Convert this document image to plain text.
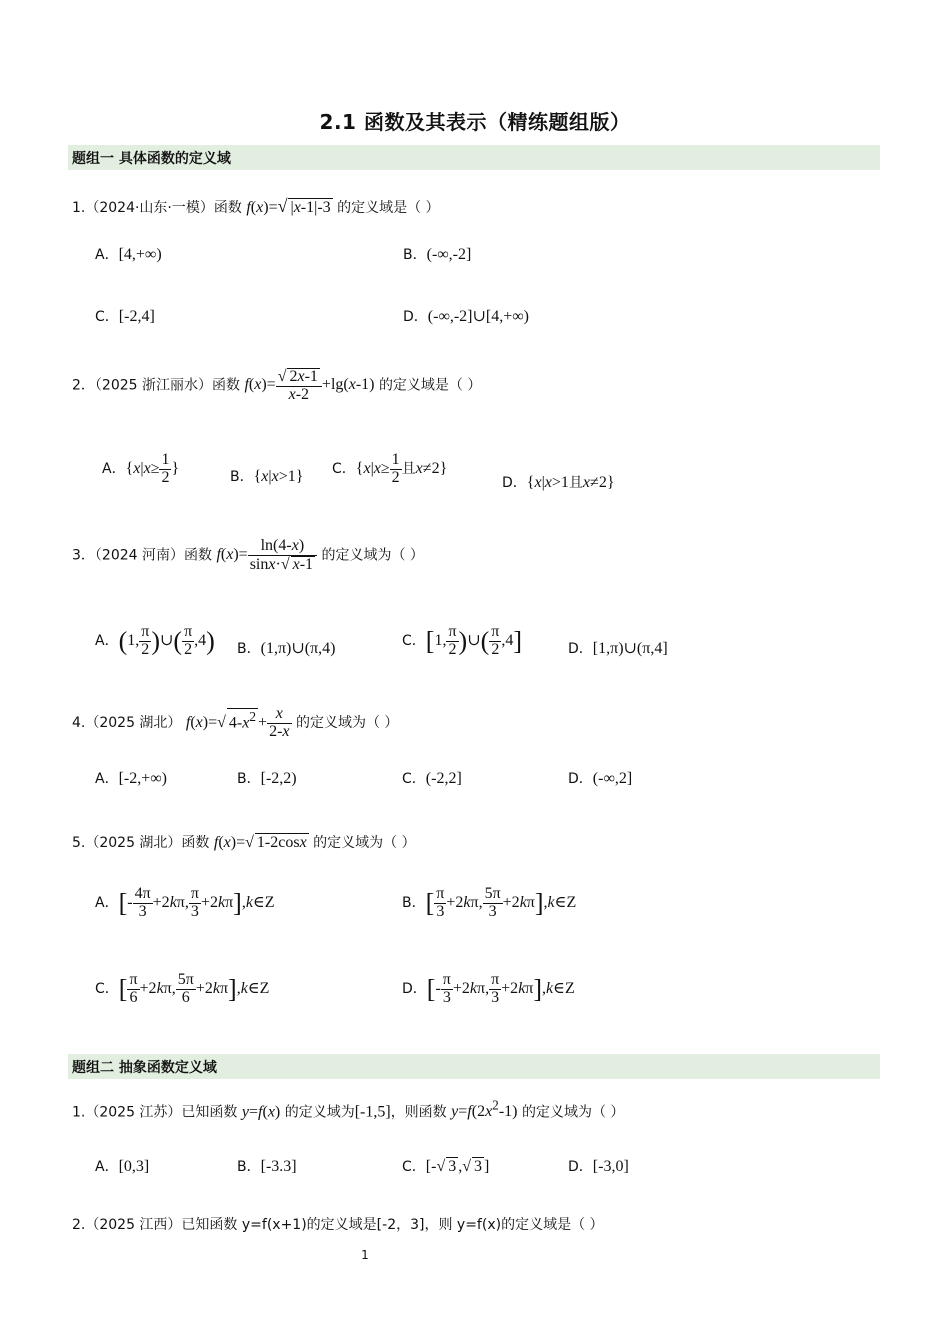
2.1 函数及其表示（精练题组版）
题组一 具体函数的定义域
1.（2024·山东·一模）函数 f(x)=√ |x-1|-3 的定义域是（ ）
A．[4,+∞)	B．(-∞,-2]
C．[-2,4]	D．(-∞,-2]∪[4,+∞)
2．（2025 浙江丽水）函数 $f(x)= \frac{√ 2x-1}{x-2} +\lg(x-1)$ 的定义域是（ ）
A．{$x|x\ge \frac{1}{2}$ }
B．{x|x>1} C．{$x|x\ge \frac{1}{2}$ 且x≠2}
D．{x|x>1且x≠2}
3．（2024 河南）函数 $f(x)= \frac{\ln(4-x)}{\sin x\cdot√ x-1}$ 的定义域为（ ）
A．(1, $\frac{\pi}{2}$ )∪( $\frac{\pi}{2} ,4$) B．(1,π)∪(π,4)	C．[1, $\frac{\pi}{2}$ )∪( $\frac{\pi}{2} ,4$]	D．[1,π)∪(π,4]
4.（2025 湖北） f(x)=√ $4-x^2 + \frac{x}{2-x}$ 的定义域为（ ）
A．[-2,+∞)	B．[-2,2)	C．(-2,2]	D．(-∞,2]
5.（2025 湖北）函数 f(x)=√ 1-2cosx 的定义域为（ ）
A．[- $\frac{4\pi}{3} +2k\pi$, $\frac{\pi}{3}$ +2kπ],k∈Z	B．[ $\frac{\pi}{3} +2k\pi$, $\frac{5\pi}{3}$ +2kπ],k∈Z
C．[ $\frac{\pi}{6} +2k\pi$, $\frac{5\pi}{6}$ +2kπ],k∈Z	D．[- $\frac{\pi}{3} +2k\pi$, $\frac{\pi}{3}$ +2kπ],k∈Z
题组二 抽象函数定义域
1.（2025 江苏）已知函数 y=f(x) 的定义域为[-1,5]，则函数 $y=f(2x^2-1)$ 的定义域为（ ）
A．[0,3]	B．[-3.3]	C．[-√ 3 ,√ 3 ]	D．[-3,0]
2.（2025 江西）已知函数 y=f(x+1)的定义域是[-2，3]，则 y=f(x)的定义域是（ ）
1
